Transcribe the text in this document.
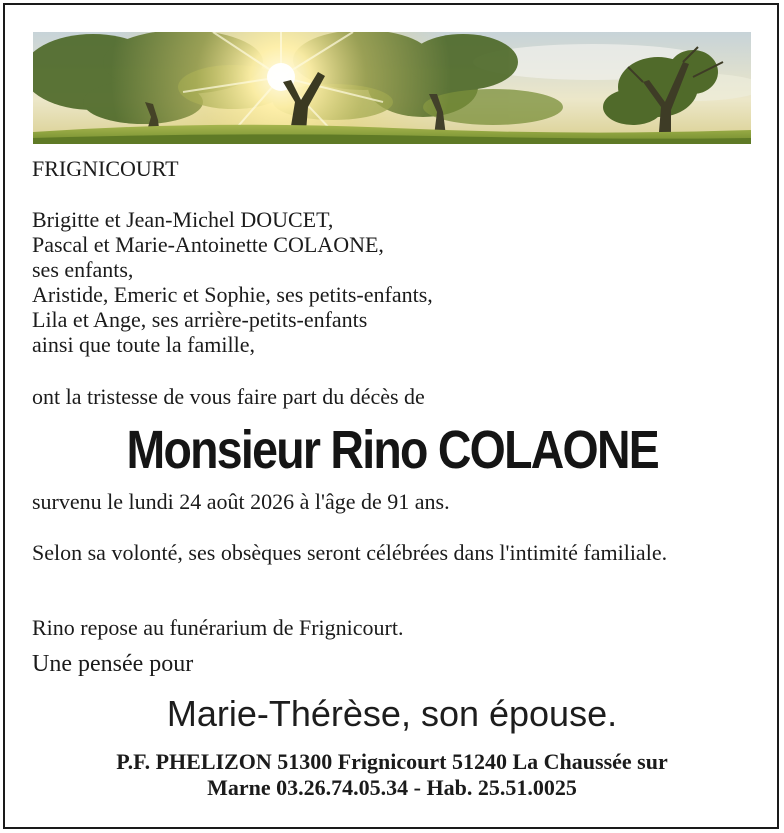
FRIGNICOURT
Brigitte et Jean-Michel DOUCET,
Pascal et Marie-Antoinette COLAONE,
ses enfants,
Aristide, Emeric et Sophie, ses petits-enfants,
Lila et Ange, ses arrière-petits-enfants
ainsi que toute la famille,
ont la tristesse de vous faire part du décès de
Monsieur Rino COLAONE
survenu le lundi 24 août 2026 à l'âge de 91 ans.
Selon sa volonté, ses obsèques seront célébrées dans l'intimité familiale.
Rino repose au funérarium de Frignicourt.
Une pensée pour
Marie-Thérèse, son épouse.
P.F. PHELIZON 51300 Frignicourt 51240 La Chaussée sur
Marne 03.26.74.05.34 - Hab. 25.51.0025
